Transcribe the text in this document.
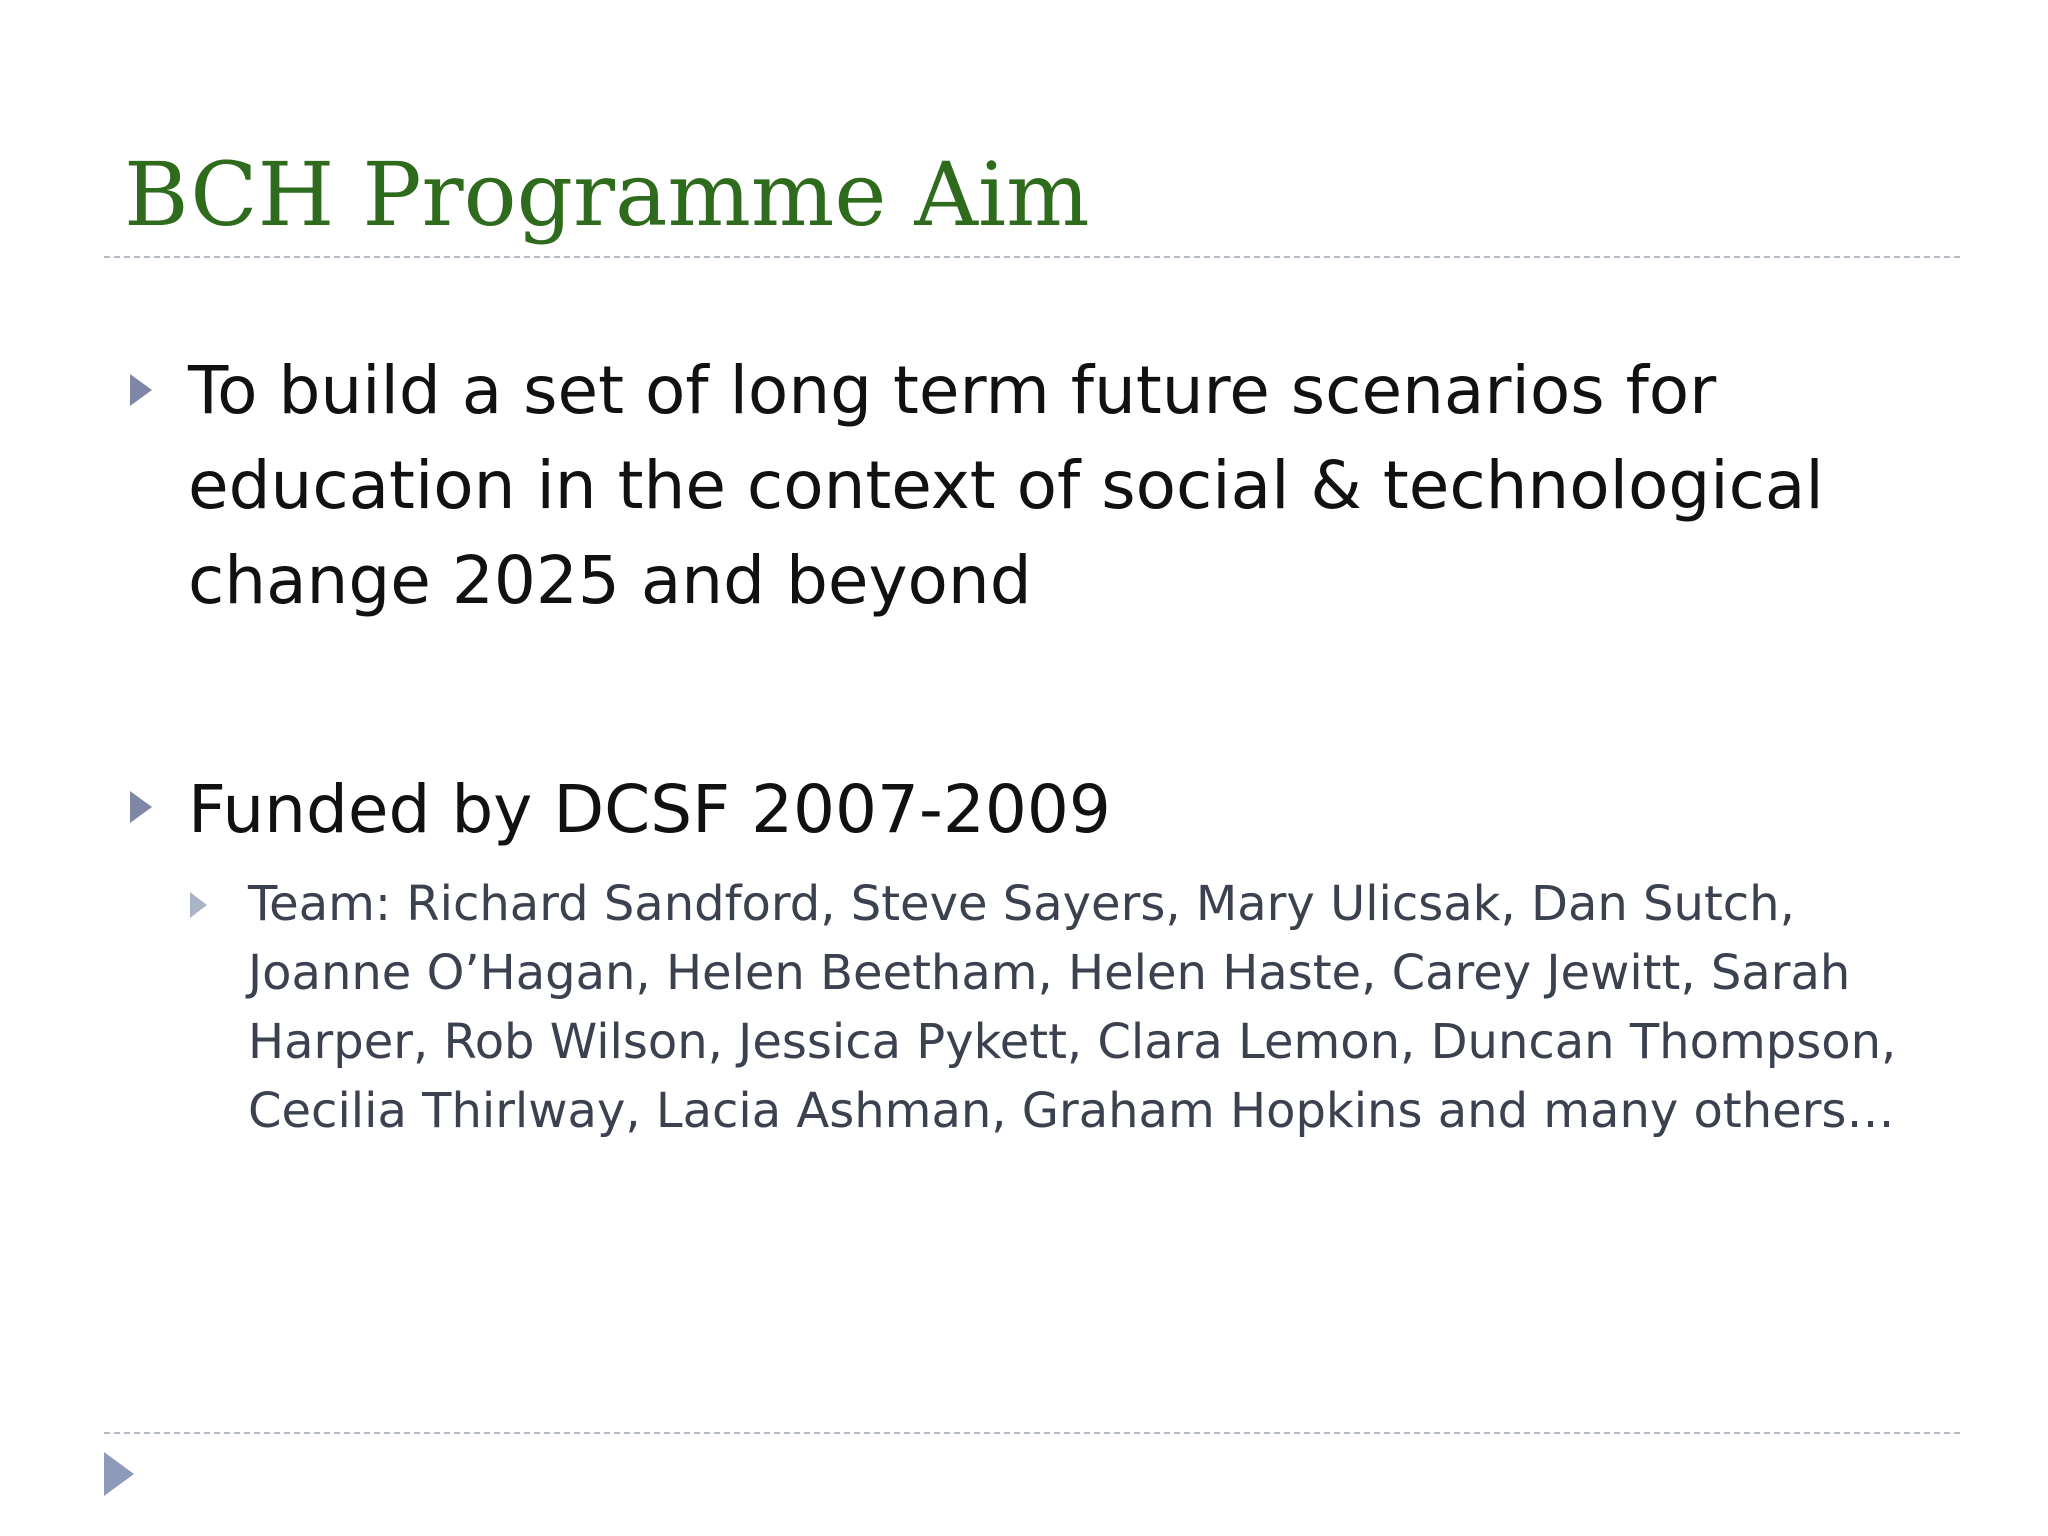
BCH Programme Aim

To build a set of long term future scenarios for education in the context of social & technological change 2025 and beyond

Funded by DCSF 2007-2009

Team: Richard Sandford, Steve Sayers, Mary Ulicsak, Dan Sutch, Joanne O’Hagan, Helen Beetham, Helen Haste, Carey Jewitt, Sarah Harper, Rob Wilson, Jessica Pykett, Clara Lemon, Duncan Thompson, Cecilia Thirlway, Lacia Ashman, Graham Hopkins and many others…
